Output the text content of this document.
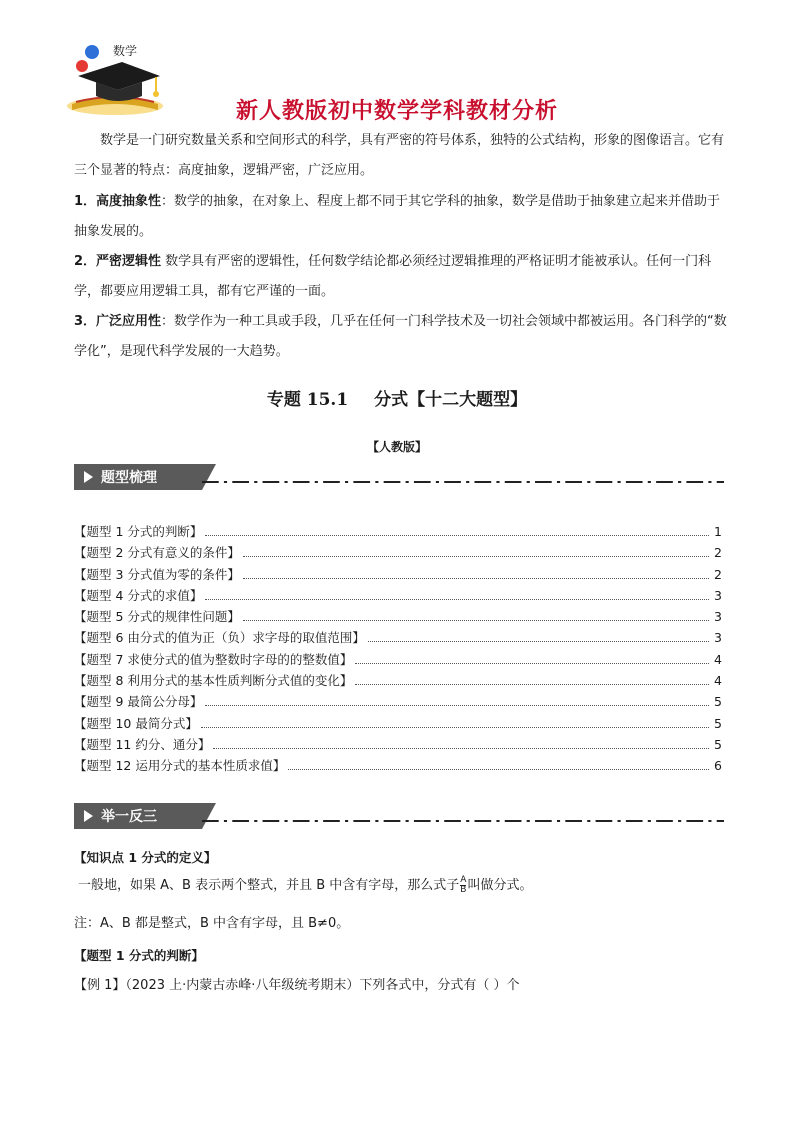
数学
新人教版初中数学学科教材分析
数学是一门研究数量关系和空间形式的科学，具有严密的符号体系，独特的公式结构，形象的图像语言。它有三个显著的特点：高度抽象，逻辑严密，广泛应用。
1．高度抽象性：数学的抽象，在对象上、程度上都不同于其它学科的抽象，数学是借助于抽象建立起来并借助于抽象发展的。
2．严密逻辑性 数学具有严密的逻辑性，任何数学结论都必须经过逻辑推理的严格证明才能被承认。任何一门科学，都要应用逻辑工具，都有它严谨的一面。
3．广泛应用性：数学作为一种工具或手段，几乎在任何一门科学技术及一切社会领域中都被运用。各门科学的“数学化”，是现代科学发展的一大趋势。
专题 15.1 分式【十二大题型】
【人教版】
题型梳理
【题型 1 分式的判断】	1
【题型 2 分式有意义的条件】	2
【题型 3 分式值为零的条件】	2
【题型 4 分式的求值】	3
【题型 5 分式的规律性问题】	3
【题型 6 由分式的值为正（负）求字母的取值范围】	3
【题型 7 求使分式的值为整数时字母的的整数值】	4
【题型 8 利用分式的基本性质判断分式值的变化】	4
【题型 9 最简公分母】	5
【题型 10 最简分式】	5
【题型 11 约分、通分】	5
【题型 12 运用分式的基本性质求值】	6
举一反三
【知识点 1 分式的定义】
一般地，如果 A、B 表示两个整式，并且 B 中含有字母，那么式子 $\frac{A}{B}$ 叫做分式。
注：A、B 都是整式，B 中含有字母，且 B≠0。
【题型 1 分式的判断】
【例 1】（2023 上·内蒙古赤峰·八年级统考期末）下列各式中，分式有（ ）个
